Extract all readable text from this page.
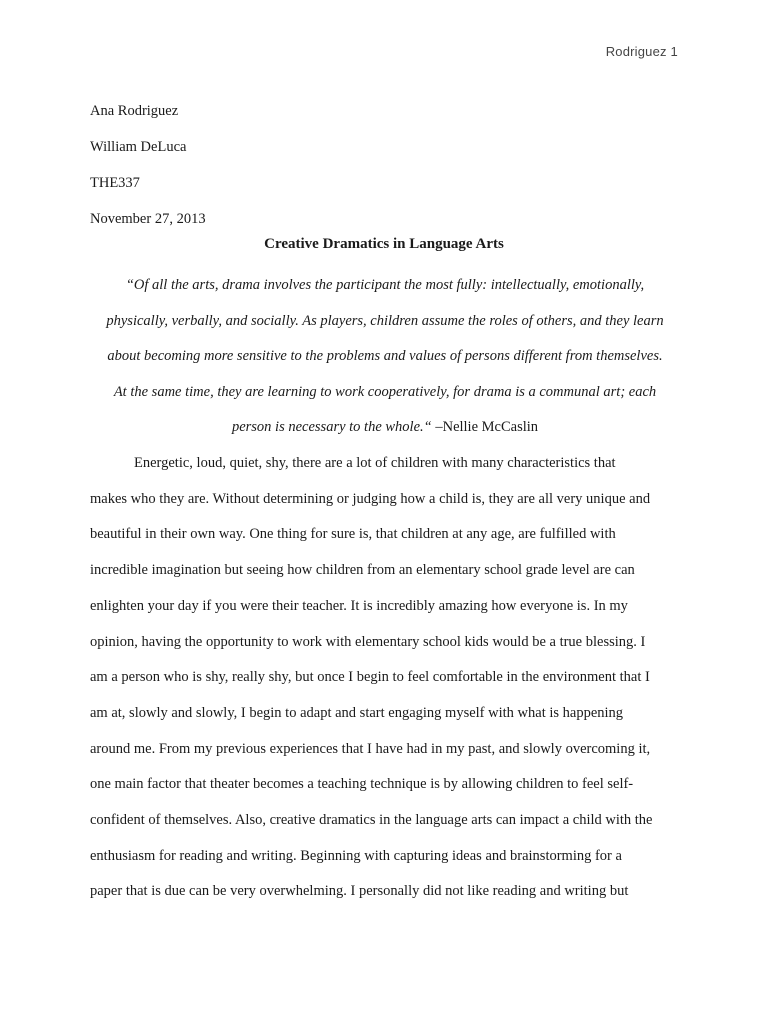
Rodriguez 1
Ana Rodriguez
William DeLuca
THE337
November 27, 2013
Creative Dramatics in Language Arts
“Of all the arts, drama involves the participant the most fully: intellectually, emotionally,
physically, verbally, and socially. As players, children assume the roles of others, and they learn
about becoming more sensitive to the problems and values of persons different from themselves.
At the same time, they are learning to work cooperatively, for drama is a communal art; each
person is necessary to the whole.“ –Nellie McCaslin
Energetic, loud, quiet, shy, there are a lot of children with many characteristics that
makes who they are. Without determining or judging how a child is, they are all very unique and
beautiful in their own way. One thing for sure is, that children at any age, are fulfilled with
incredible imagination but seeing how children from an elementary school grade level are can
enlighten your day if you were their teacher. It is incredibly amazing how everyone is. In my
opinion, having the opportunity to work with elementary school kids would be a true blessing. I
am a person who is shy, really shy, but once I begin to feel comfortable in the environment that I
am at, slowly and slowly, I begin to adapt and start engaging myself with what is happening
around me. From my previous experiences that I have had in my past, and slowly overcoming it,
one main factor that theater becomes a teaching technique is by allowing children to feel self-
confident of themselves. Also, creative dramatics in the language arts can impact a child with the
enthusiasm for reading and writing. Beginning with capturing ideas and brainstorming for a
paper that is due can be very overwhelming. I personally did not like reading and writing but
